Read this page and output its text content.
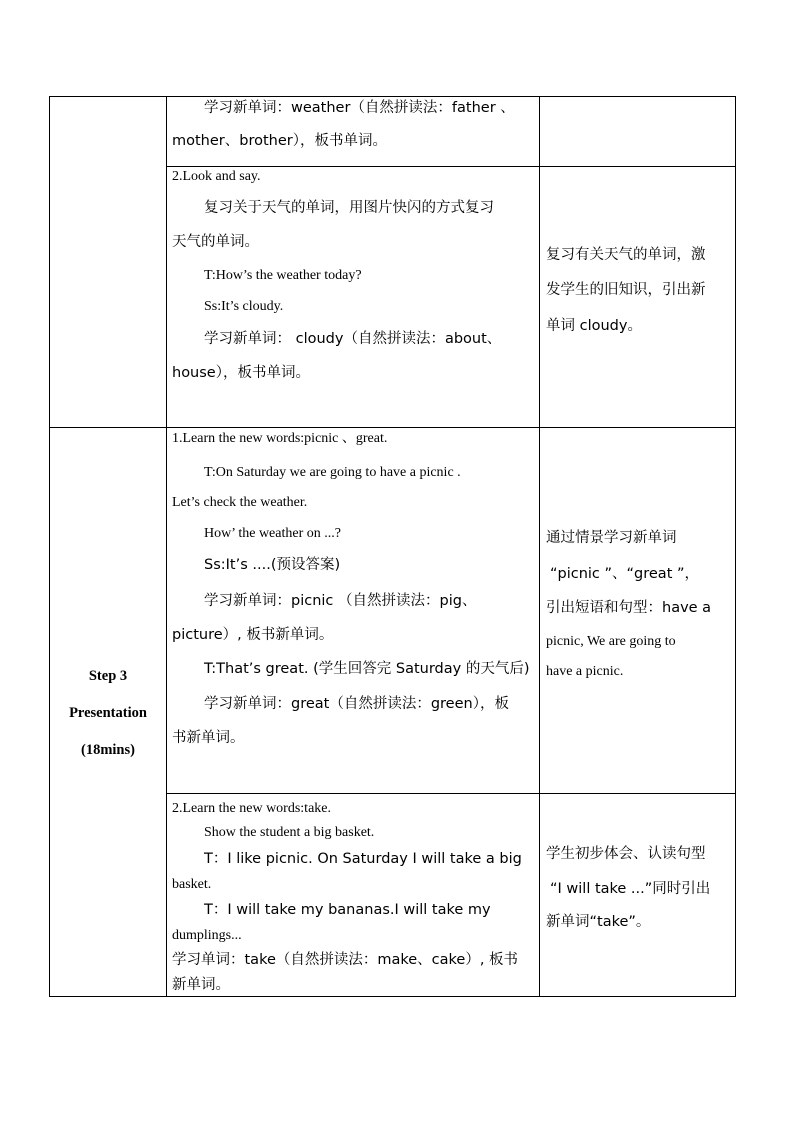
学习新单词：weather（自然拼读法：father 、
mother、brother），板书单词。
2.Look and say.
复习关于天气的单词，用图片快闪的方式复习
天气的单词。
T:How’s the weather today?
Ss:It’s cloudy.
学习新单词： cloudy（自然拼读法：about、
house），板书单词。
复习有关天气的单词，激
发学生的旧知识，引出新
单词 cloudy。
Step 3
Presentation
(18mins)
1.Learn the new words:picnic 、great.
T:On Saturday we are going to have a picnic .
Let’s check the weather.
How’ the weather on ...?
Ss:It’s ....(预设答案)
学习新单词：picnic （自然拼读法：pig、
picture）, 板书新单词。
T:That’s great. (学生回答完 Saturday 的天气后)
学习新单词：great（自然拼读法：green），板
书新单词。
通过情景学习新单词
“picnic ”、“great ”，
引出短语和句型：have a
picnic, We are going to
have a picnic.
2.Learn the new words:take.
Show the student a big basket.
T：I like picnic. On Saturday I will take a big
basket.
T：I will take my bananas.I will take my
dumplings...
学习单词：take（自然拼读法：make、cake）, 板书
新单词。
学生初步体会、认读句型
“I will take ...”同时引出
新单词“take”。
